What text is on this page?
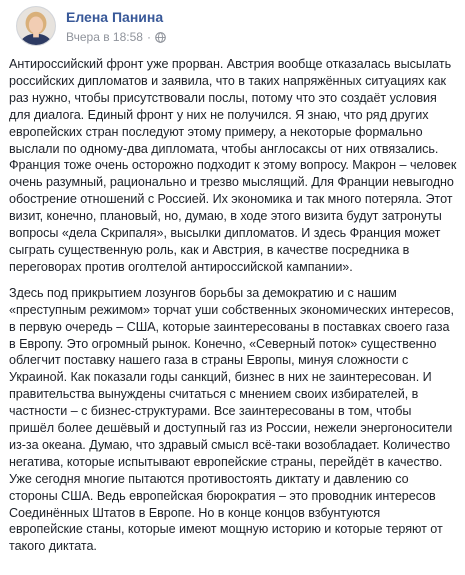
Елена Панина
Вчера в 18:58 ·

Антироссийский фронт уже прорван. Австрия вообще отказалась высылать российских дипломатов и заявила, что в таких напряжённых ситуациях как раз нужно, чтобы присутствовали послы, потому что это создаёт условия для диалога. Единый фронт у них не получился. Я знаю, что ряд других европейских стран последуют этому примеру, а некоторые формально выслали по одному-два дипломата, чтобы англосаксы от них отвязались. Франция тоже очень осторожно подходит к этому вопросу. Макрон – человек очень разумный, рационально и трезво мыслящий. Для Франции невыгодно обострение отношений с Россией. Их экономика и так много потеряла. Этот визит, конечно, плановый, но, думаю, в ходе этого визита будут затронуты вопросы «дела Скрипаля», высылки дипломатов. И здесь Франция может сыграть существенную роль, как и Австрия, в качестве посредника в переговорах против оголтелой антироссийской кампании».

Здесь под прикрытием лозунгов борьбы за демократию и с нашим «преступным режимом» торчат уши собственных экономических интересов, в первую очередь – США, которые заинтересованы в поставках своего газа в Европу. Это огромный рынок. Конечно, «Северный поток» существенно облегчит поставку нашего газа в страны Европы, минуя сложности с Украиной. Как показали годы санкций, бизнес в них не заинтересован. И правительства вынуждены считаться с мнением своих избирателей, в частности – с бизнес-структурами. Все заинтересованы в том, чтобы пришёл более дешёвый и доступный газ из России, нежели энергоносители из-за океана. Думаю, что здравый смысл всё-таки возобладает. Количество негатива, которые испытывают европейские страны, перейдёт в качество. Уже сегодня многие пытаются противостоять диктату и давлению со стороны США. Ведь европейская бюрократия – это проводник интересов Соединённых Штатов в Европе. Но в конце концов взбунтуются европейские станы, которые имеют мощную историю и которые теряют от такого диктата.
